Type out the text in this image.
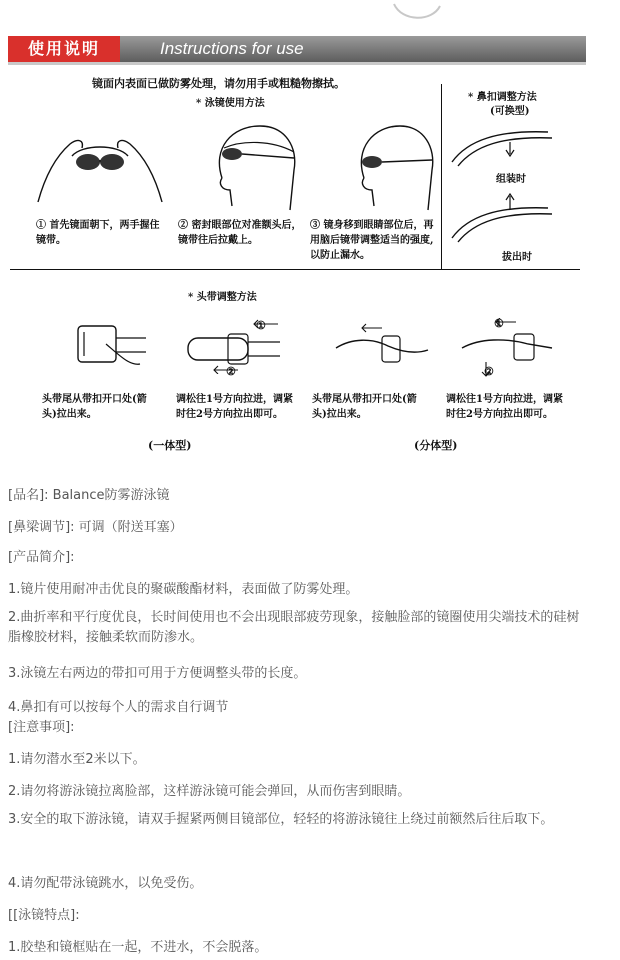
使用说明	Instructions for use
镜面内表面已做防雾处理，请勿用手或粗糙物擦拭。
* 泳镜使用方法
① 首先镜面朝下，两手握住镜带。
② 密封眼部位对准额头后，镜带往后拉戴上。
③ 镜身移到眼睛部位后，再用脑后镜带调整适当的强度,以防止漏水。
* 鼻扣调整方法
(可换型)
组装时
拔出时
* 头带调整方法
①
②
①
②
头带尾从带扣开口处(箭头)拉出来。
调松往1号方向拉进，调紧时往2号方向拉出即可。
头带尾从带扣开口处(箭头)拉出来。
调松往1号方向拉进，调紧时往2号方向拉出即可。
(一体型)	(分体型)
[品名]: Balance防雾游泳镜
[鼻梁调节]: 可调（附送耳塞）
[产品简介]:
1.镜片使用耐冲击优良的聚碳酸酯材料，表面做了防雾处理。
2.曲折率和平行度优良，长时间使用也不会出现眼部疲劳现象，接触脸部的镜圈使用尖端技术的硅树脂橡胶材料，接触柔软而防渗水。
3.泳镜左右两边的带扣可用于方便调整头带的长度。
4.鼻扣有可以按每个人的需求自行调节
[注意事项]:
1.请勿潜水至2米以下。
2.请勿将游泳镜拉离脸部，这样游泳镜可能会弹回，从而伤害到眼睛。
3.安全的取下游泳镜，请双手握紧两侧目镜部位，轻轻的将游泳镜往上绕过前额然后往后取下。
4.请勿配带泳镜跳水，以免受伤。
[[泳镜特点]:
1.胶垫和镜框贴在一起，不进水，不会脱落。
